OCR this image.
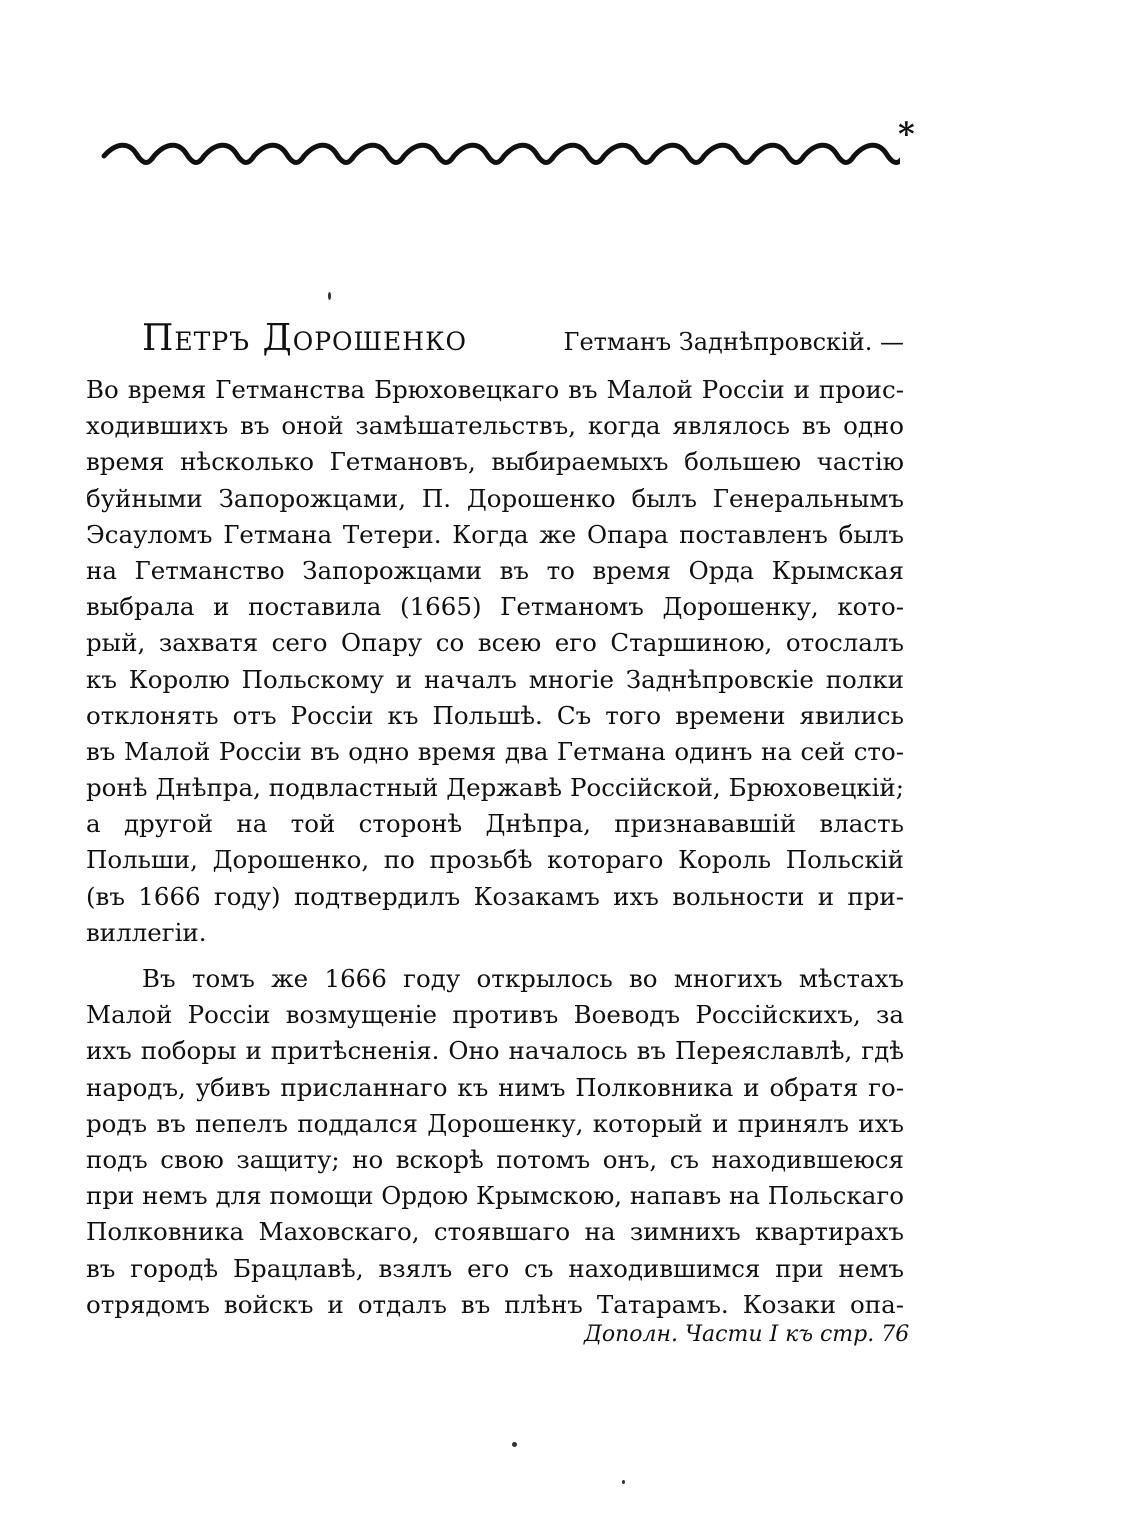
*
Петръ Дорошенко	Гетманъ Заднѣпровскій. —
Во время Гетманства Брюховецкаго въ Малой Россіи и проис-
ходившихъ въ оной замѣшательствъ, когда являлось въ одно
время нѣсколько Гетмановъ, выбираемыхъ большею частію
буйными Запорожцами, П. Дорошенко былъ Генеральнымъ
Эсауломъ Гетмана Тетери. Когда же Опара поставленъ былъ
на Гетманство Запорожцами въ то время Орда Крымская
выбрала и поставила (1665) Гетманомъ Дорошенку, кото-
рый, захватя сего Опару со всею его Старшиною, отослалъ
къ Королю Польскому и началъ многіе Заднѣпровскіе полки
отклонять отъ Россіи къ Польшѣ. Съ того времени явились
въ Малой Россіи въ одно время два Гетмана одинъ на сей сто-
ронѣ Днѣпра, подвластный Державѣ Россійской, Брюховецкій;
а другой на той сторонѣ Днѣпра, признававшій власть
Польши, Дорошенко, по прозьбѣ котораго Король Польскій
(въ 1666 году) подтвердилъ Козакамъ ихъ вольности и при-
виллегіи.
Въ томъ же 1666 году открылось во многихъ мѣстахъ
Малой Россіи возмущеніе противъ Воеводъ Россійскихъ, за
ихъ поборы и притѣсненія. Оно началось въ Переяславлѣ, гдѣ
народъ, убивъ присланнаго къ нимъ Полковника и обратя го-
родъ въ пепелъ поддался Дорошенку, который и принялъ ихъ
подъ свою защиту; но вскорѣ потомъ онъ, съ находившеюся
при немъ для помощи Ордою Крымскою, напавъ на Польскаго
Полковника Маховскаго, стоявшаго на зимнихъ квартирахъ
въ городѣ Брацлавѣ, взялъ его съ находившимся при немъ
отрядомъ войскъ и отдалъ въ плѣнъ Татарамъ. Козаки опа-
Дополн. Части I къ стр. 76
